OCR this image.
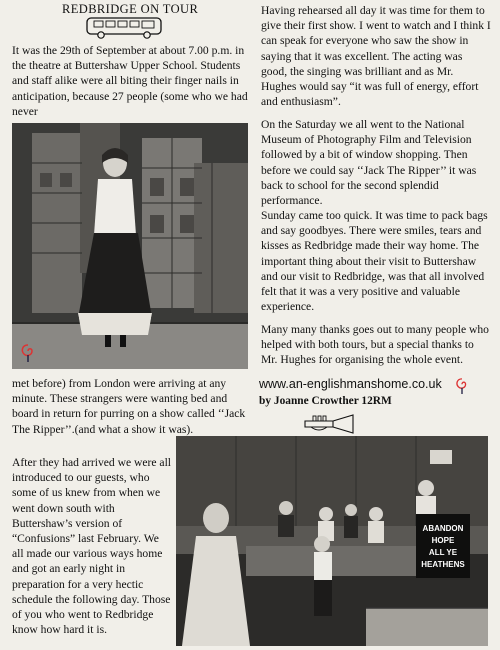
REDBRIDGE ON TOUR

It was the 29th of September at about 7.00 p.m. in the theatre at Buttershaw Upper School. Students and staff alike were all biting their finger nails in anticipation, because 27 people (some who we had never

met before) from London were arriving at any minute. These strangers were wanting bed and board in return for purring on a show called ‘‘Jack The Ripper’’.(and what a show it was).

After they had arrived we were all introduced to our guests, who some of us knew from when we went down south with Buttershaw’s version of “Confusions” last February. We all made our various ways home and got an early night in preparation for a very hectic schedule the following day. Those of you who went to Redbridge know how hard it is.

Having rehearsed all day it was time for them to give their first show. I went to watch and I think I can speak for everyone who saw the show in saying that it was excellent. The acting was good, the singing was brilliant and as Mr. Hughes would say “it was full of energy, effort and enthusiasm”.

On the Saturday we all went to the National Museum of Photography Film and Television followed by a bit of window shopping. Then before we could say ‘‘Jack The Ripper’’ it was back to school for the second splendid performance.

Sunday came too quick. It was time to pack bags and say goodbyes. There were smiles, tears and kisses as Redbridge made their way home. The important thing about their visit to Buttershaw and our visit to Redbridge, was that all involved felt that it was a very positive and valuable experience.

Many many thanks goes out to many people who helped with both tours, but a special thanks to Mr. Hughes for organising the whole event.

www.an-englishmanshome.co.uk
by Joanne Crowther 12RM
ABANDON
HOPE
ALL YE
HEATHENS
